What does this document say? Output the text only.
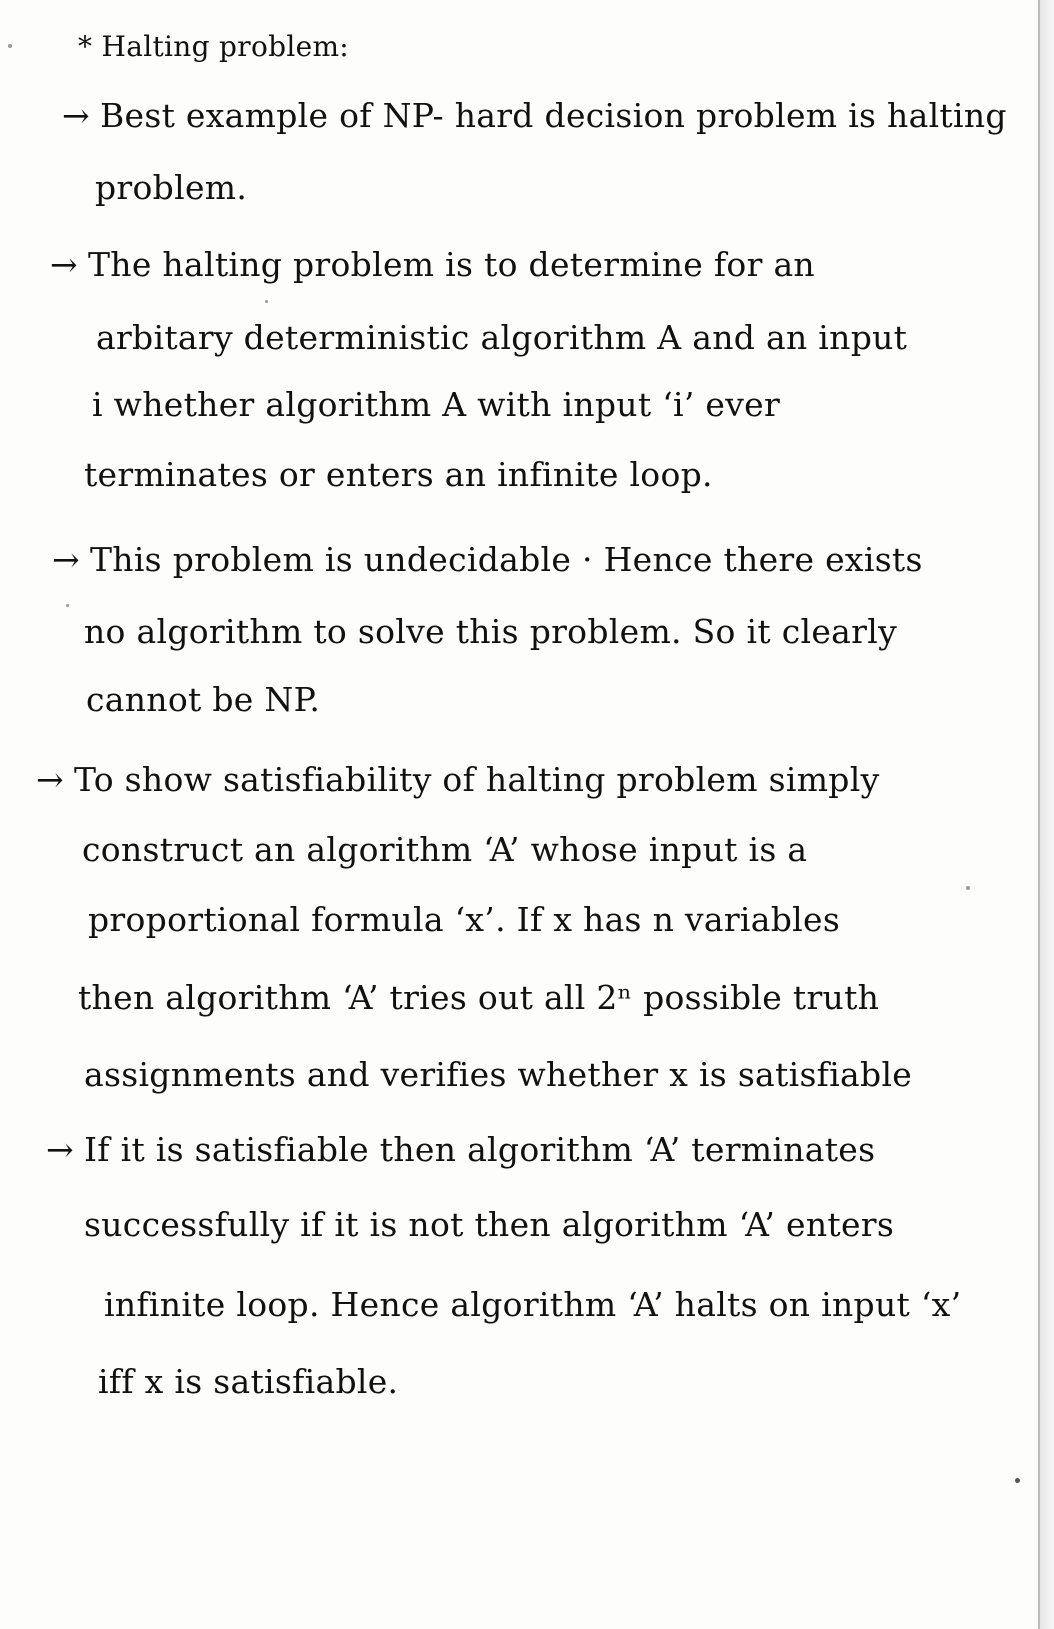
* Halting problem:
→ Best example of NP- hard decision problem is halting
problem.
→ The halting problem is to determine for an
arbitary deterministic algorithm A and an input
i whether algorithm A with input ‘i’ ever
terminates or enters an infinite loop.
→ This problem is undecidable · Hence there exists
no algorithm to solve this problem. So it clearly
cannot be NP.
→ To show satisfiability of halting problem simply
construct an algorithm ‘A’ whose input is a
proportional formula ‘x’. If x has n variables
then algorithm ‘A’ tries out all 2ⁿ possible truth
assignments and verifies whether x is satisfiable
→ If it is satisfiable then algorithm ‘A’ terminates
successfully if it is not then algorithm ‘A’ enters
infinite loop. Hence algorithm ‘A’ halts on input ‘x’
iff x is satisfiable.
